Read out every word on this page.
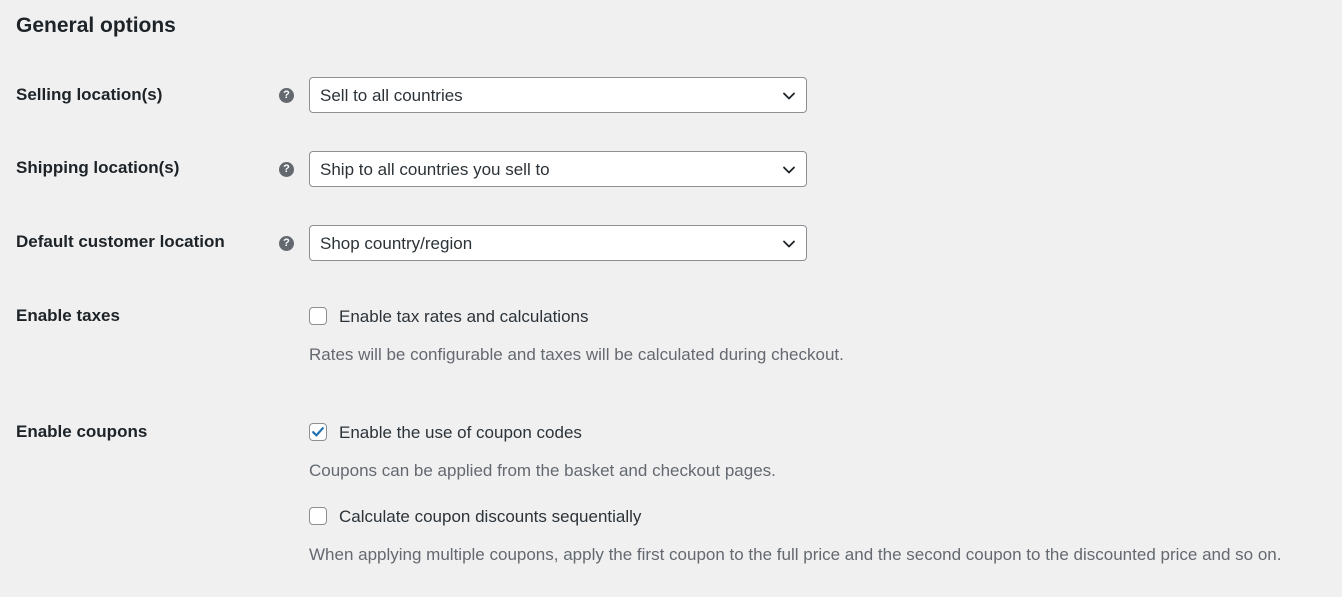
General options
Selling location(s)	? Sell to all countries
Shipping location(s)	? Ship to all countries you sell to
Default customer location	? Shop country/region
Enable taxes	Enable tax rates and calculations
Rates will be configurable and taxes will be calculated during checkout.
Enable coupons	Enable the use of coupon codes
Coupons can be applied from the basket and checkout pages.
Calculate coupon discounts sequentially
When applying multiple coupons, apply the first coupon to the full price and the second coupon to the discounted price and so on.
